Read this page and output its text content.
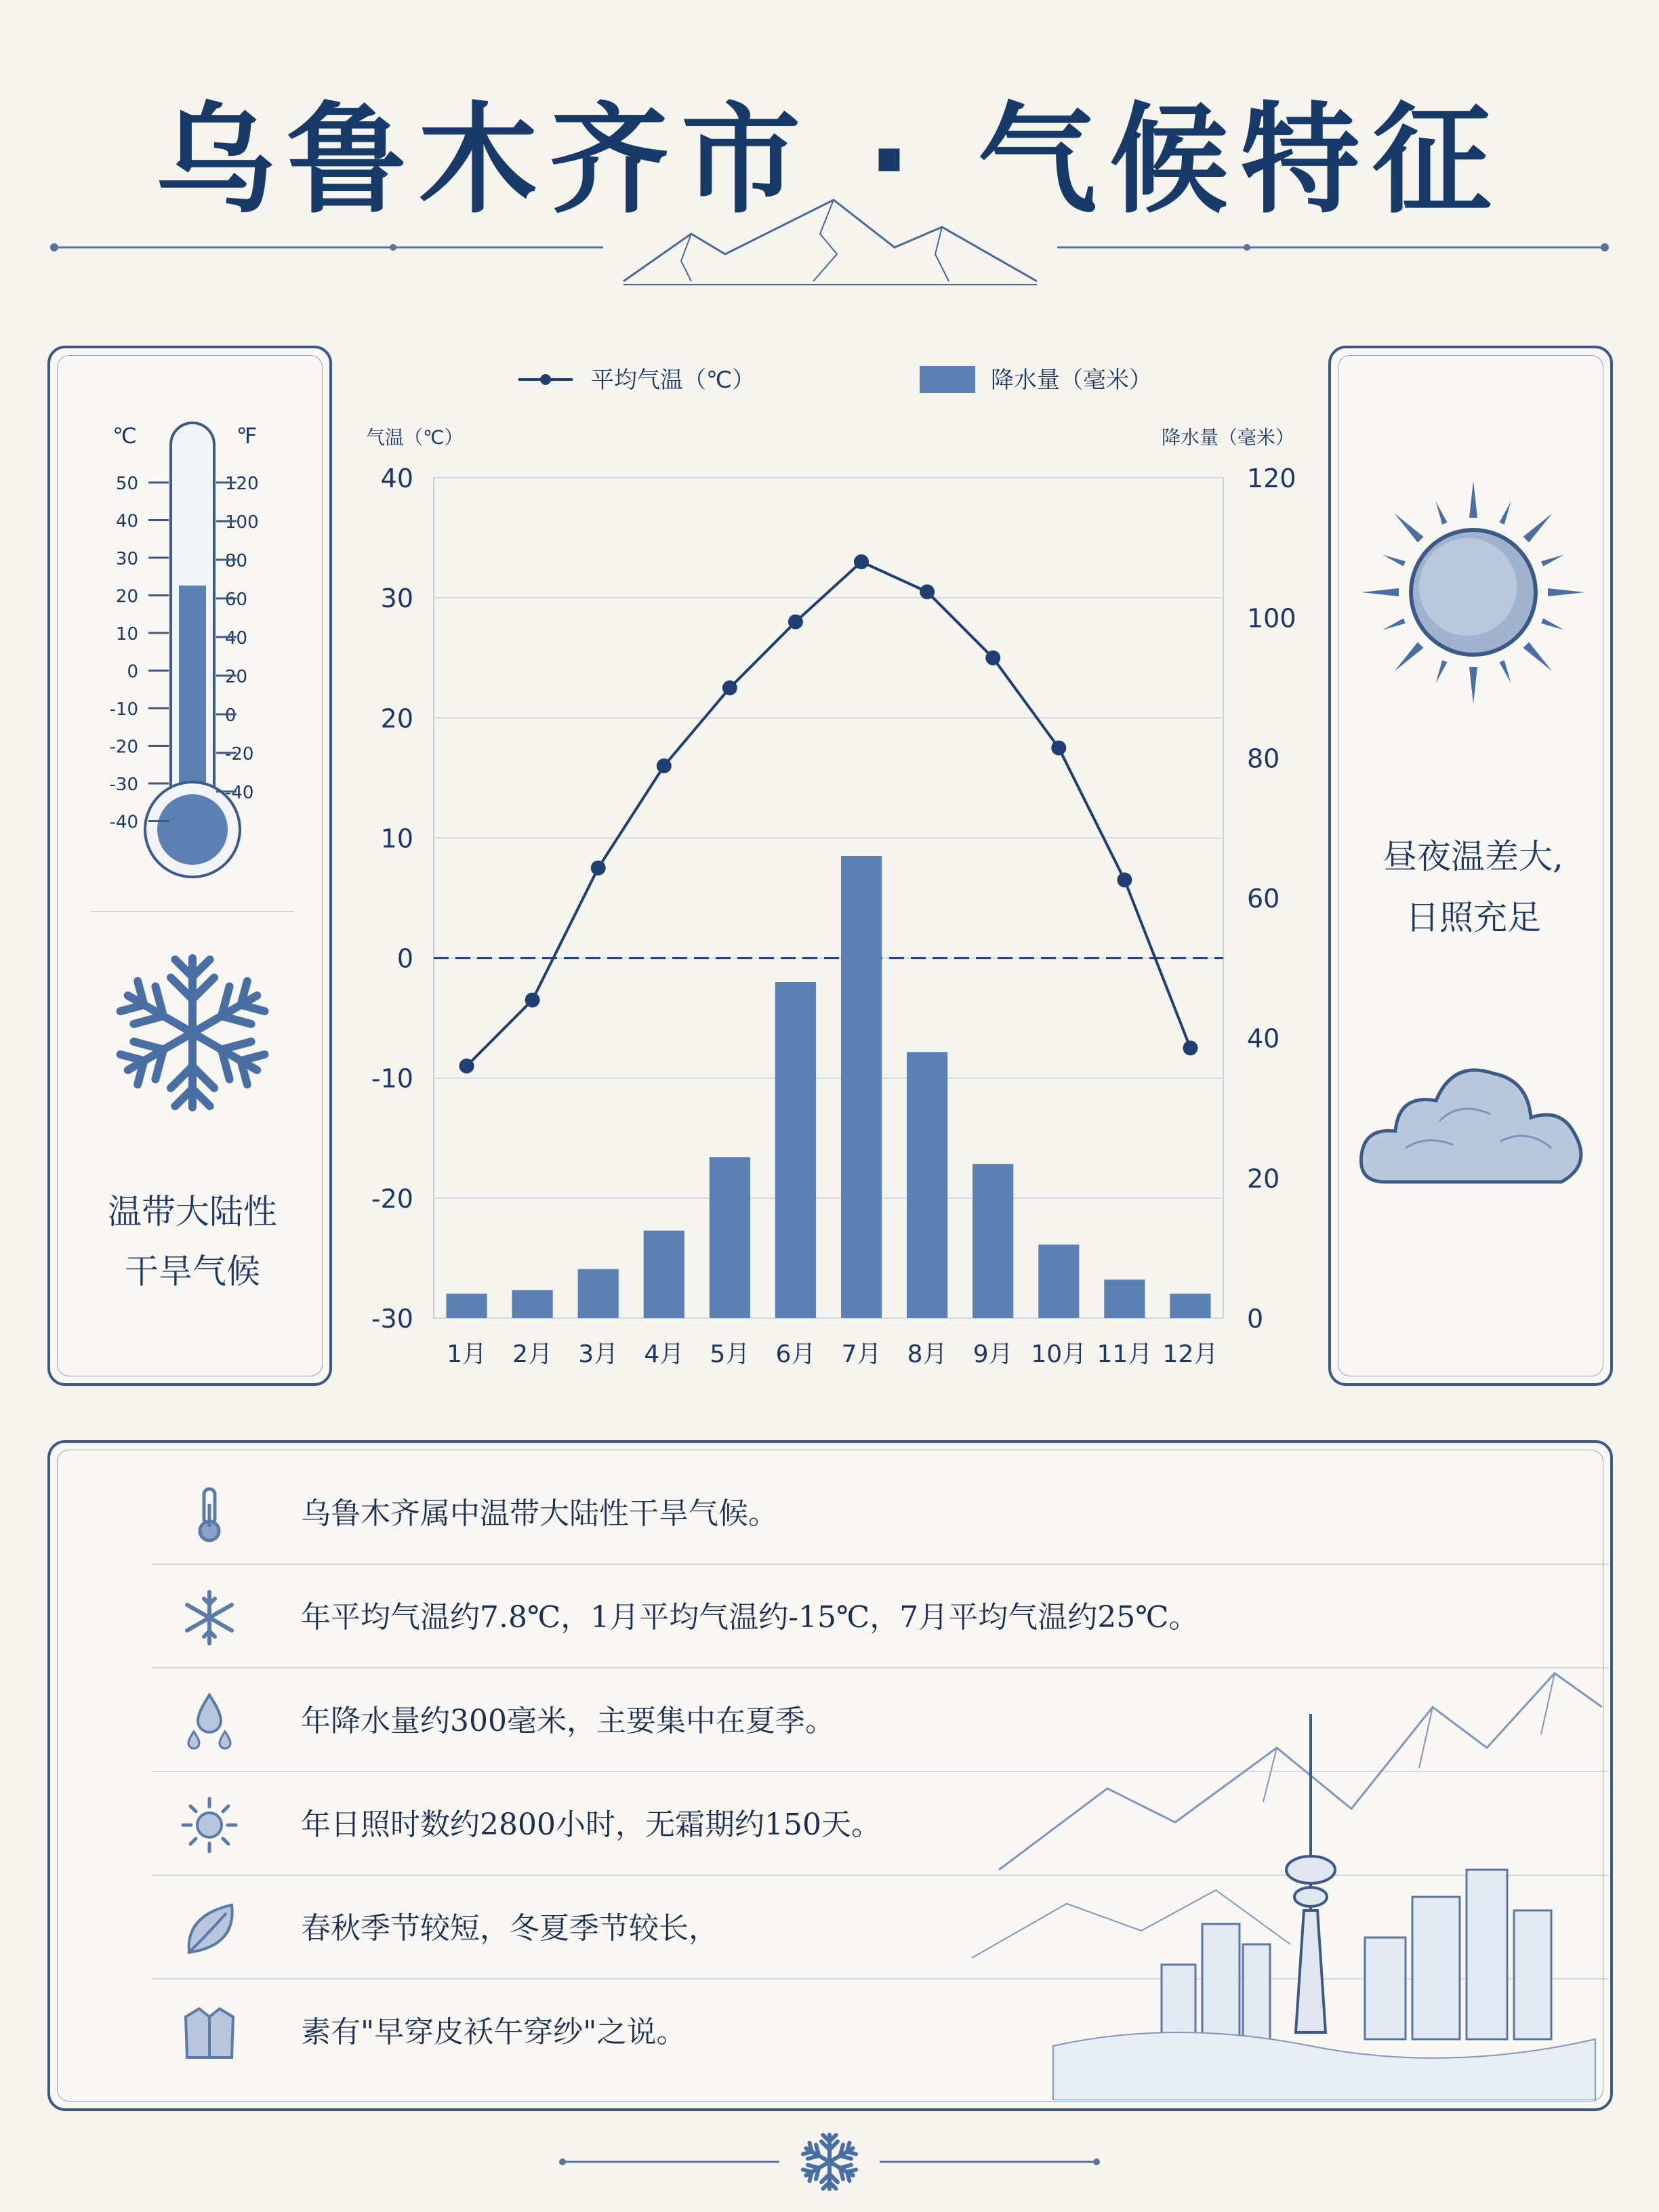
乌鲁木齐市 · 气候特征
℃	℉
50
40
30
20
10
0
-10
-20
-30
-40
120
100
80
60
40
20
0
-20
-40
温带大陆性
干旱气候
昼夜温差大,
日照充足
平均气温（℃）	降水量（毫米）
气温（℃）	降水量（毫米）
40
30
20
10
0
-10
-20
-30
120
100
80
60
40
20
0
1月 2月 3月 4月 5月 6月 7月 8月 9月 10月 11月 12月
乌鲁木齐属中温带大陆性干旱气候。
年平均气温约7.8℃，1月平均气温约-15℃，7月平均气温约25℃。
年降水量约300毫米，主要集中在夏季。
年日照时数约2800小时，无霜期约150天。
春秋季节较短，冬夏季节较长，
素有"早穿皮袄午穿纱"之说。
